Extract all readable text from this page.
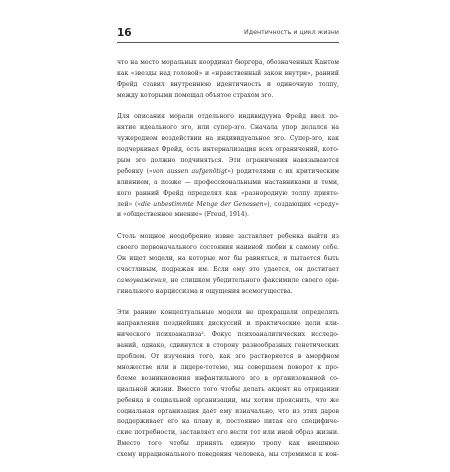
16	Идентичность и цикл жизни
что на место моральных координат бюргера, обозначенных Кантом
как «звезды над головой» и «нравственный закон внутри», ранний
Фрейд ставил внутреннюю идентичность и одиночную толпу,
между которыми помещал объятое страхом эго.
Для описания морали отдельного индивидуума Фрейд ввел по-
нятие идеального эго, или супер-эго. Сначала упор делался на
чужеродном воздействии на индивидуальное эго. Супер-эго, как
подчеркивал Фрейд, есть интернализация всех ограничений, кото-
рым эго должно подчиняться. Эти ограничения навязываются
ребенку («von aussen aufgenötigt») родителями с их критическим
влиянием, а позже — профессиональными наставниками и теми,
кого ранний Фрейд определял как «разнородную толпу прияте-
лей» («die unbestimmte Menge der Genossen»), создающих «среду»
и «общественное мнение» (Freud, 1914).
Столь мощное неодобрение извне заставляет ребенка выйти из
своего первоначального состояния наивной любви к самому себе.
Он ищет модели, на которые мог бы равняться, и пытается быть
счастливым, подражая им. Если ему это удается, он достигает
самоуважения, не слишком убедительного факсимиле своего ори-
гинального нарциссизма и ощущения всемогущества.
Эти ранние концептуальные модели не прекращали определять
направления позднейших дискуссий и практические цели кли-
нического психоанализа². Фокус психоаналитических исследо-
ваний, однако, сдвинулся в сторону разнообразных генетических
проблем. От изучения того, как эго растворяется в аморфном
множестве или в лидере-тотеме, мы совершаем поворот к про-
блеме возникновения инфантильного эго в организованной со-
циальной жизни. Вместо того чтобы делать акцент на отрицании
ребенка в социальной организации, мы хотим прояснить, что же
социальная организация дает ему изначально, что из этих даров
поддерживает его на плаву и, постоянно питая его специфиче-
ские потребности, заставляет его вести тот или иной образ жизни.
Вместо того чтобы принять единую тропу как внешнюю
схему иррационального поведения человека, мы стремимся к кон-
